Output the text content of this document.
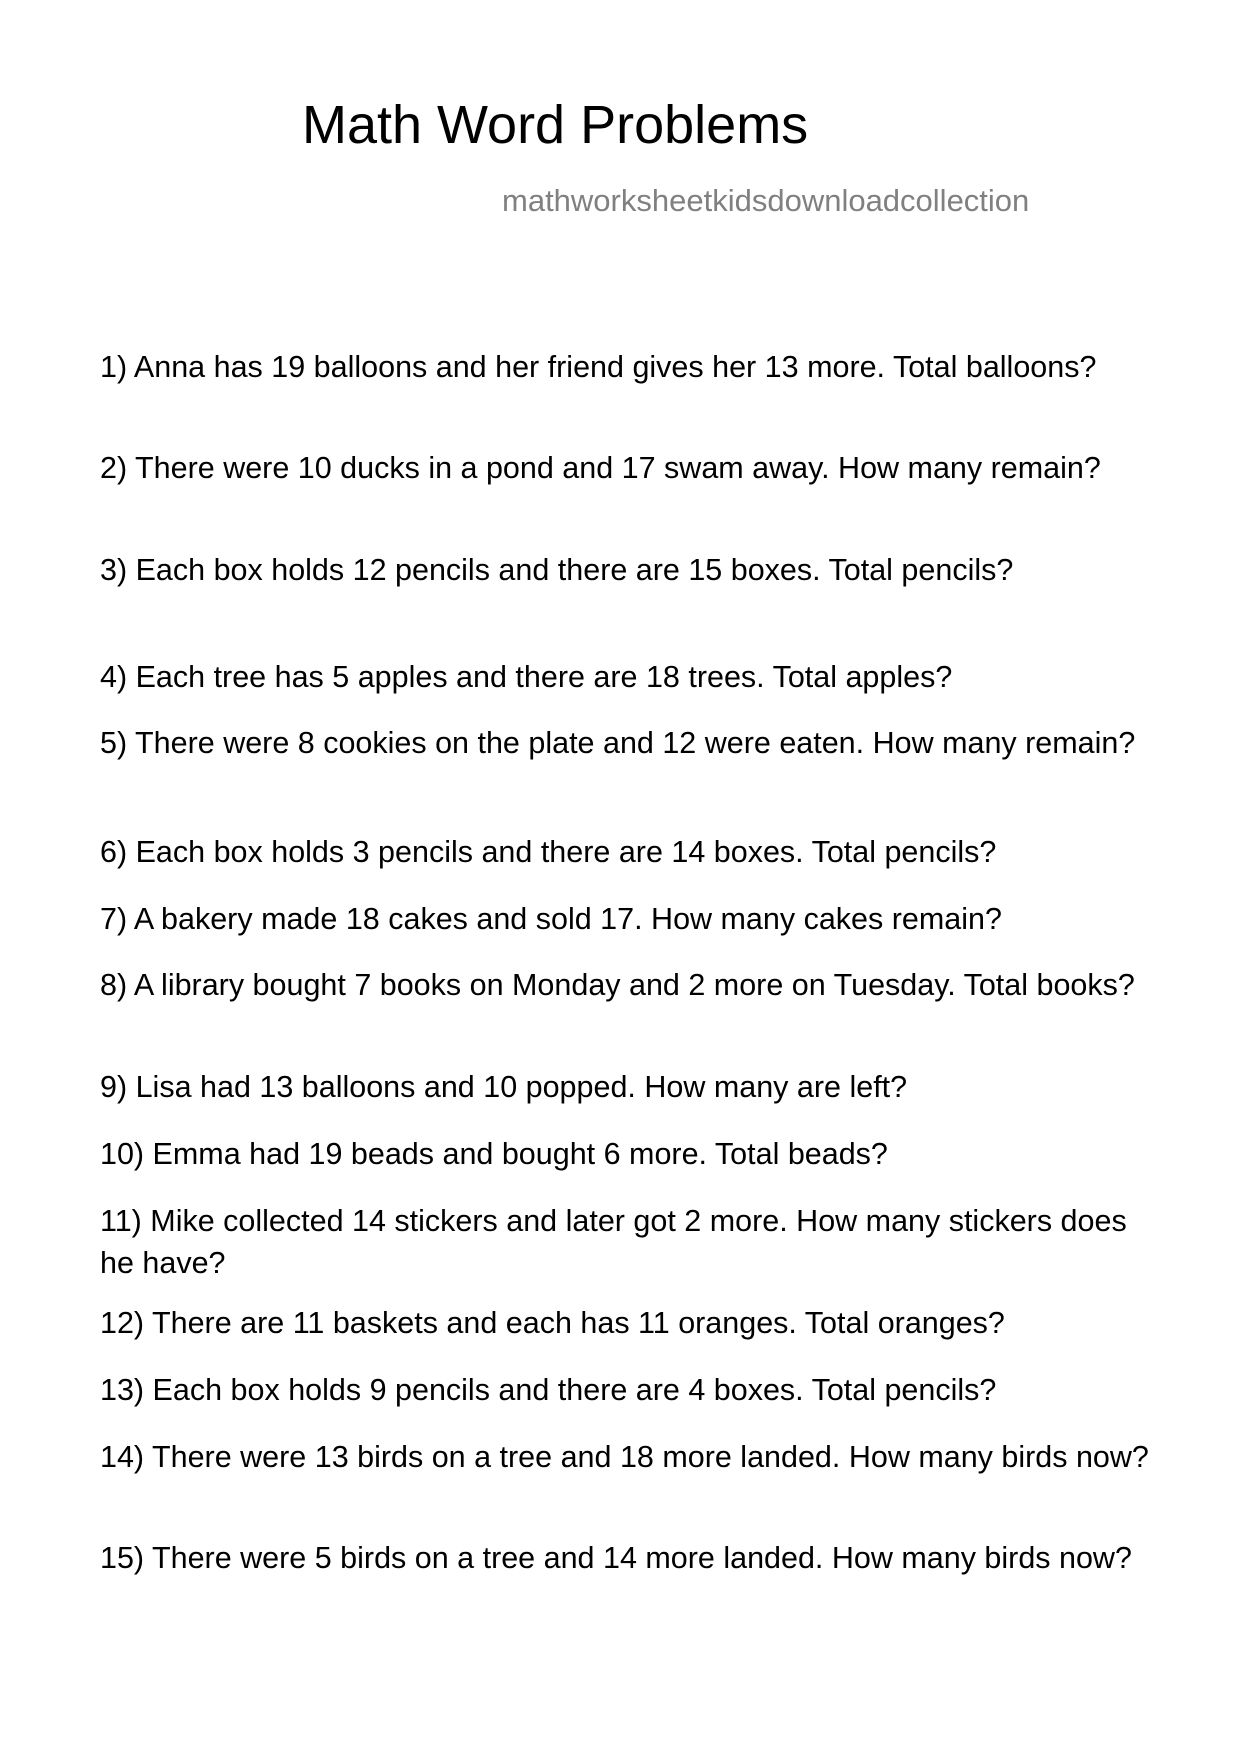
Math Word Problems
mathworksheetkidsdownloadcollection
1) Anna has 19 balloons and her friend gives her 13 more. Total balloons?
2) There were 10 ducks in a pond and 17 swam away. How many remain?
3) Each box holds 12 pencils and there are 15 boxes. Total pencils?
4) Each tree has 5 apples and there are 18 trees. Total apples?
5) There were 8 cookies on the plate and 12 were eaten. How many remain?
6) Each box holds 3 pencils and there are 14 boxes. Total pencils?
7) A bakery made 18 cakes and sold 17. How many cakes remain?
8) A library bought 7 books on Monday and 2 more on Tuesday. Total books?
9) Lisa had 13 balloons and 10 popped. How many are left?
10) Emma had 19 beads and bought 6 more. Total beads?
11) Mike collected 14 stickers and later got 2 more. How many stickers does he have?
12) There are 11 baskets and each has 11 oranges. Total oranges?
13) Each box holds 9 pencils and there are 4 boxes. Total pencils?
14) There were 13 birds on a tree and 18 more landed. How many birds now?
15) There were 5 birds on a tree and 14 more landed. How many birds now?
